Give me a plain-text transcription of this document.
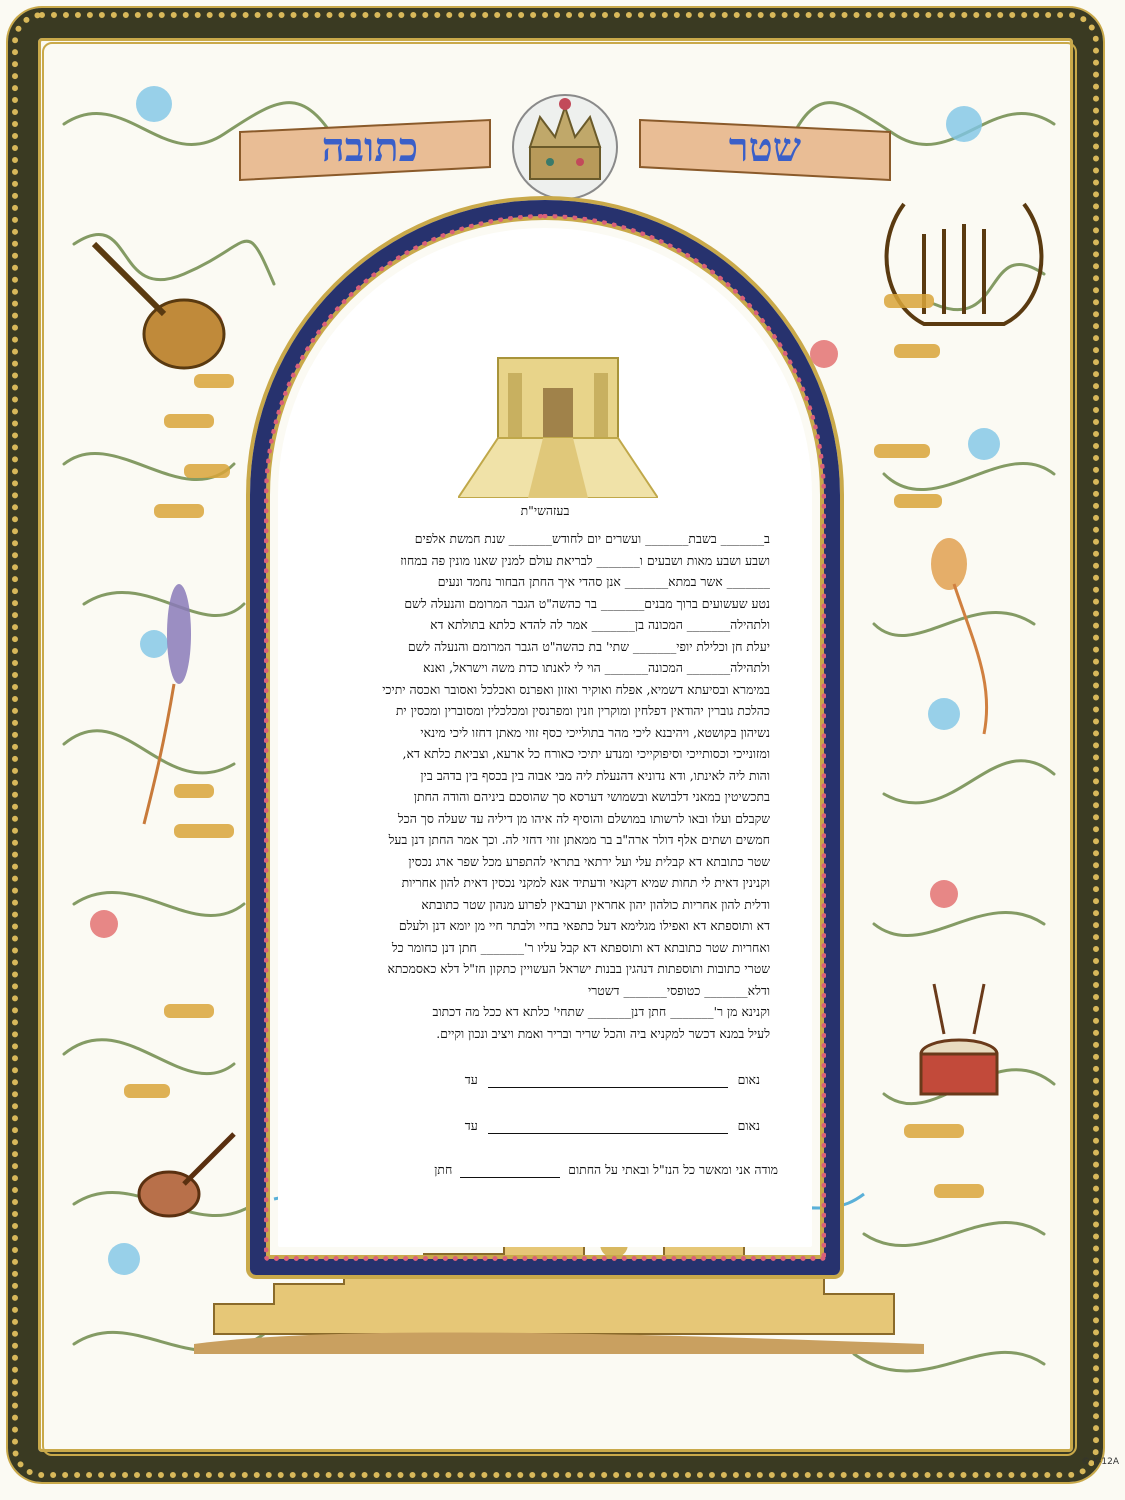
שטר
כתובה
בעזהשי"ת
ב_______ בשבת_______ ועשרים יום לחודש_______ שנת חמשת אלפים
ושבע ושבע מאות ושבעים ו_______ לבריאת עולם למנין שאנו מונין פה במחוז
_______ אשר במתא_______ אנן סהדי איך החתן הבחור נחמד ונעים
נטע שעשועים ברוך מבנים_______ בר כהשה"ט הגבר המרומם והנעלה לשם
ולתהילה_______ המכונה בן_______ אמר לה להדא כלתא בתולתא דא
יעלת חן וכלילת יופי_______ שתי' בת כהשה"ט הגבר המרומם והנעלה לשם
ולתהילה_______ המכונה_______ הוי לי לאנתו כדת משה וישראל, ואנא
במימרא ובסיעתא דשמיא, אפלח ואוקיר ואזון ואפרנס ואכלכל ואסובר ואכסה יתיכי
כהלכת גוברין יהודאין דפלחין ומוקרין וזנין ומפרנסין ומכלכלין ומסוברין ומכסין ית
נשיהון בקושטא, ויהיבנא ליכי מהר בתולייכי כסף זוזי מאתן דחזו ליכי מינאי
ומזונייכי וכסותייכי וסיפוקייכי ומנדע יתיכי כאורח כל ארעא, וצביאת כלתא דא,
והות ליה לאינתו, ודא נדוניא דהנעלת ליה מבי אבוה בין בכסף בין בדהב בין
בתכשיטין במאני דלבושא ובשמושי דערסא סך שהוסכם ביניהם והודה החתן
שקבלם ועלו ובאו לרשותו במושלם והוסיף לה איהו מן דיליה עד שעלה סך הכל
חמשים ושתים אלף דולר ארה"ב בר ממאתן זוזי דחזי לה. וכך אמר החתן דנן בעל
שטר כתובתא דא קבלית עלי ועל ירתאי בתראי להתפרע מכל שפר ארג נכסין
וקנינין דאית לי תחות שמיא דקנאי ודעתיד אנא למקני נכסין דאית להון אחריות
ודלית להון אחריות כולהון יהון אחראין וערבאין לפרוע מנהון שטר כתובתא
דא ותוספתא דא ואפילו מגלימא דעל כתפאי בחיי ולבתר חיי מן יומא דנן ולעלם
ואחריות שטר כתובתא דא ותוספתא דא קבל עליו ר'_______ חתן דנן כחומר כל
שטרי כתובות ותוספתות דנהגין בבנות ישראל העשויין כתקון חז"ל דלא כאסמכתא
ודלא_______ כטופסי_______ דשטרי
וקנינא מן ר'_______ חתן דנן_______ שתחי' כלתא דא ככל מה דכתוב
לעיל במנא דכשר למקניא ביה והכל שריר ובריר ואמת ויציב ונכון וקיים.
נאום  עד
נאום  עד
מודה אני ומאשר כל הנז"ל ובאתי על החתום  חתן
© K-12A
